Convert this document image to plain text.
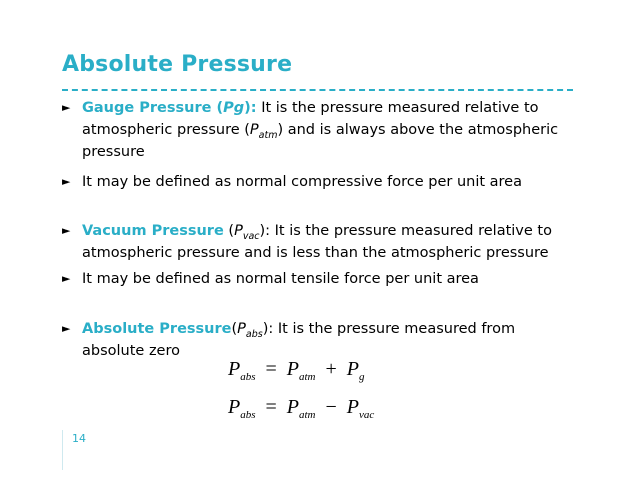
Absolute Pressure
► Gauge Pressure (Pg): It is the pressure measured relative to atmospheric pressure $(P_{atm})$ and is always above the atmospheric pressure
► It may be defined as normal compressive force per unit area
► Vacuum Pressure $(P_{vac})$: It is the pressure measured relative to atmospheric pressure and is less than the atmospheric pressure
► It may be defined as normal tensile force per unit area
► Absolute $Pressure(P_{abs})$: It is the pressure measured from absolute zero
$P_{abs} = P_{atm} + P_g$
$P_{abs} = P_{atm} - P_{vac}$
14
